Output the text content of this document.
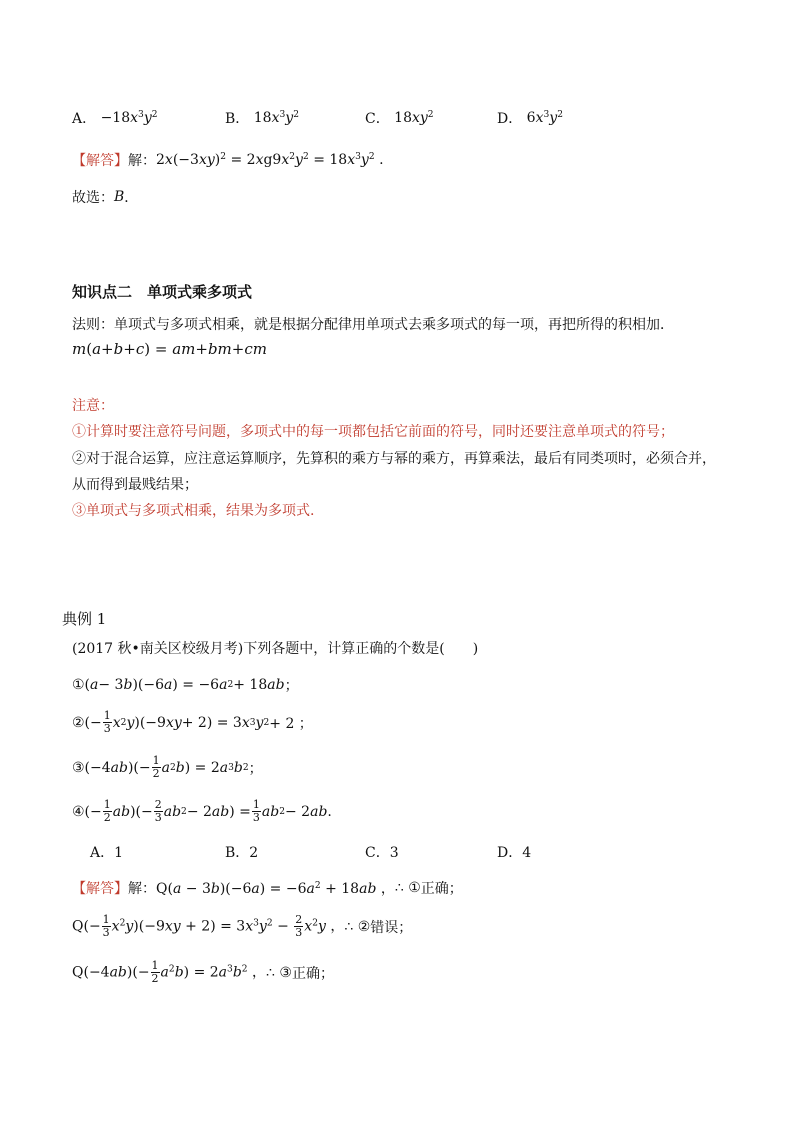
A． $-18x^3y^2$	B． $18x^3y^2$	C． $18xy^2$	D． $6x^3y^2$
【解答】 解： $2x(-3xy)^2 = 2xg9x^2y^2 = 18x^3y^2$ .
故选： B ．
知识点二　单项式乘多项式
法则：单项式与多项式相乘，就是根据分配律用单项式去乘多项式的每一项，再把所得的积相加．
m(a+b+c) = am+bm+cm
注意：
①计算时要注意符号问题，多项式中的每一项都包括它前面的符号，同时还要注意单项式的符号；
②对于混合运算，应注意运算顺序，先算积的乘方与幂的乘方，再算乘法，最后有同类项时，必须合并，
从而得到最贱结果；
③单项式与多项式相乘，结果为多项式.
典例 1
(2017 秋•南关区校级月考)下列各题中，计算正确的个数是(　　)
①( a − 3 b )(−6 a ) = −6 a 2 + 18 ab ；
②(− $\frac{1}{3}$ x 2 y )(−9 xy + 2) = 3 x 3 y 2 + 2 ；
③(−4 ab )(− $\frac{1}{2}$ a 2 b ) = 2 a 3 b 2 ；
④(− $\frac{1}{2}$ ab )(− $\frac{2}{3}$ ab 2 − 2 ab ) = $\frac{1}{3}$ ab 2 − 2 ab .
A．1	B．2	C．3	D．4
【解答】 解： $Q(a - 3b)(-6a) = -6a^2 + 18ab$ ， ∴ ① 正确；
$Q(- \frac{1}{3} x^2y)(-9xy + 2) = 3x^3y^2 - \frac{2}{3} x^2y$ ， ∴ ② 错误；
$Q(-4ab)(- \frac{1}{2} a^2b) = 2a^3b^2$ ， ∴ ③ 正确；
